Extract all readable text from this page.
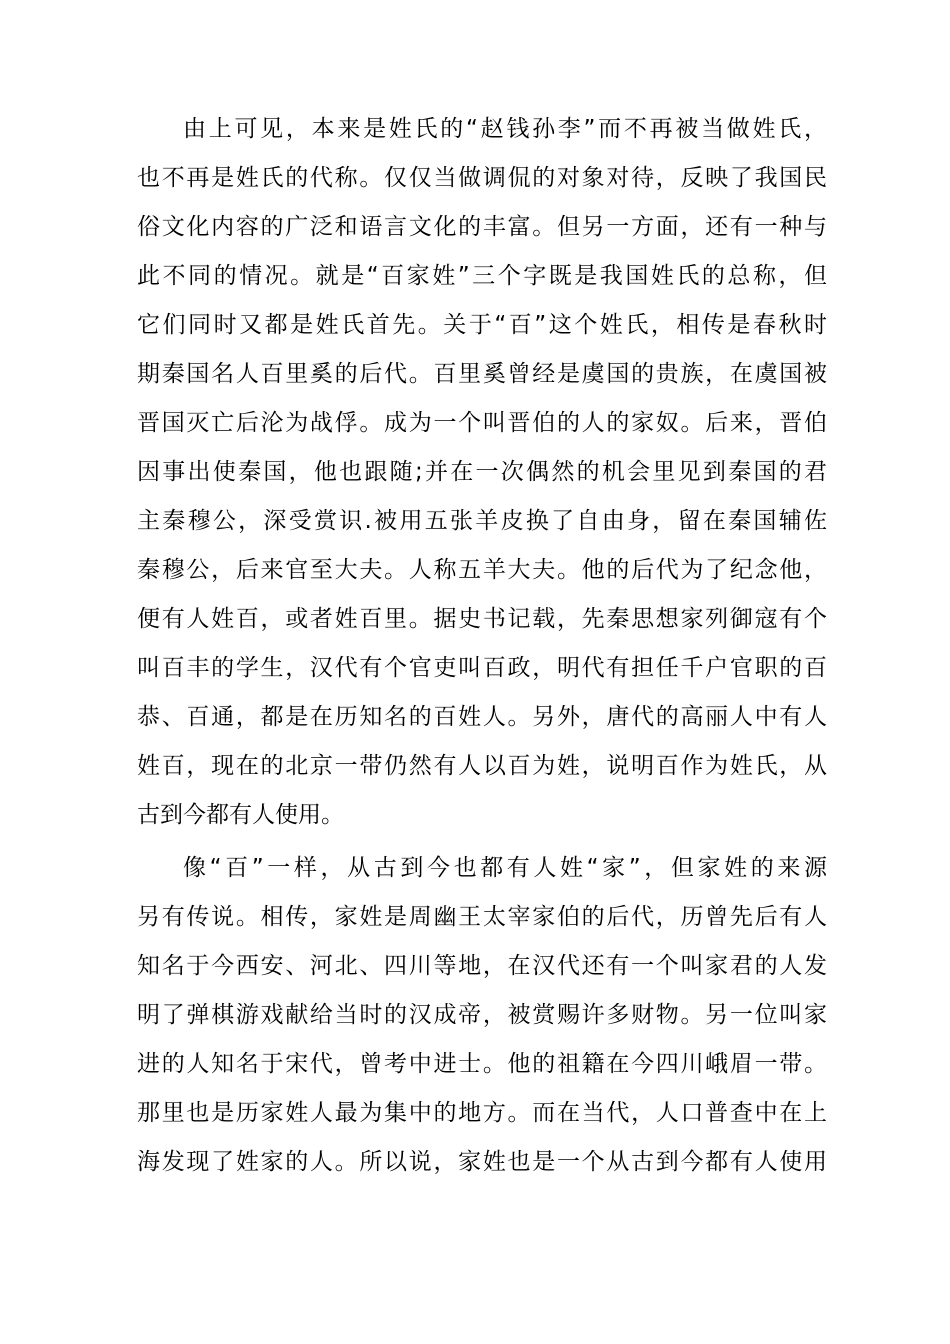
由上可见，本来是姓氏的“赵钱孙李”而不再被当做姓氏，
也不再是姓氏的代称。仅仅当做调侃的对象对待，反映了我国民
俗文化内容的广泛和语言文化的丰富。但另一方面，还有一种与
此不同的情况。就是“百家姓”三个字既是我国姓氏的总称，但
它们同时又都是姓氏首先。关于“百”这个姓氏，相传是春秋时
期秦国名人百里奚的后代。百里奚曾经是虞国的贵族，在虞国被
晋国灭亡后沦为战俘。成为一个叫晋伯的人的家奴。后来，晋伯
因事出使秦国，他也跟随;并在一次偶然的机会里见到秦国的君
主秦穆公，深受赏识.被用五张羊皮换了自由身，留在秦国辅佐
秦穆公，后来官至大夫。人称五羊大夫。他的后代为了纪念他，
便有人姓百，或者姓百里。据史书记载，先秦思想家列御寇有个
叫百丰的学生，汉代有个官吏叫百政，明代有担任千户官职的百
恭、百通，都是在历知名的百姓人。另外，唐代的高丽人中有人
姓百，现在的北京一带仍然有人以百为姓，说明百作为姓氏，从
古到今都有人使用。
像“百”一样，从古到今也都有人姓“家”，但家姓的来源
另有传说。相传，家姓是周幽王太宰家伯的后代，历曾先后有人
知名于今西安、河北、四川等地，在汉代还有一个叫家君的人发
明了弹棋游戏献给当时的汉成帝，被赏赐许多财物。另一位叫家
进的人知名于宋代，曾考中进士。他的祖籍在今四川峨眉一带。
那里也是历家姓人最为集中的地方。而在当代，人口普查中在上
海发现了姓家的人。所以说，家姓也是一个从古到今都有人使用
